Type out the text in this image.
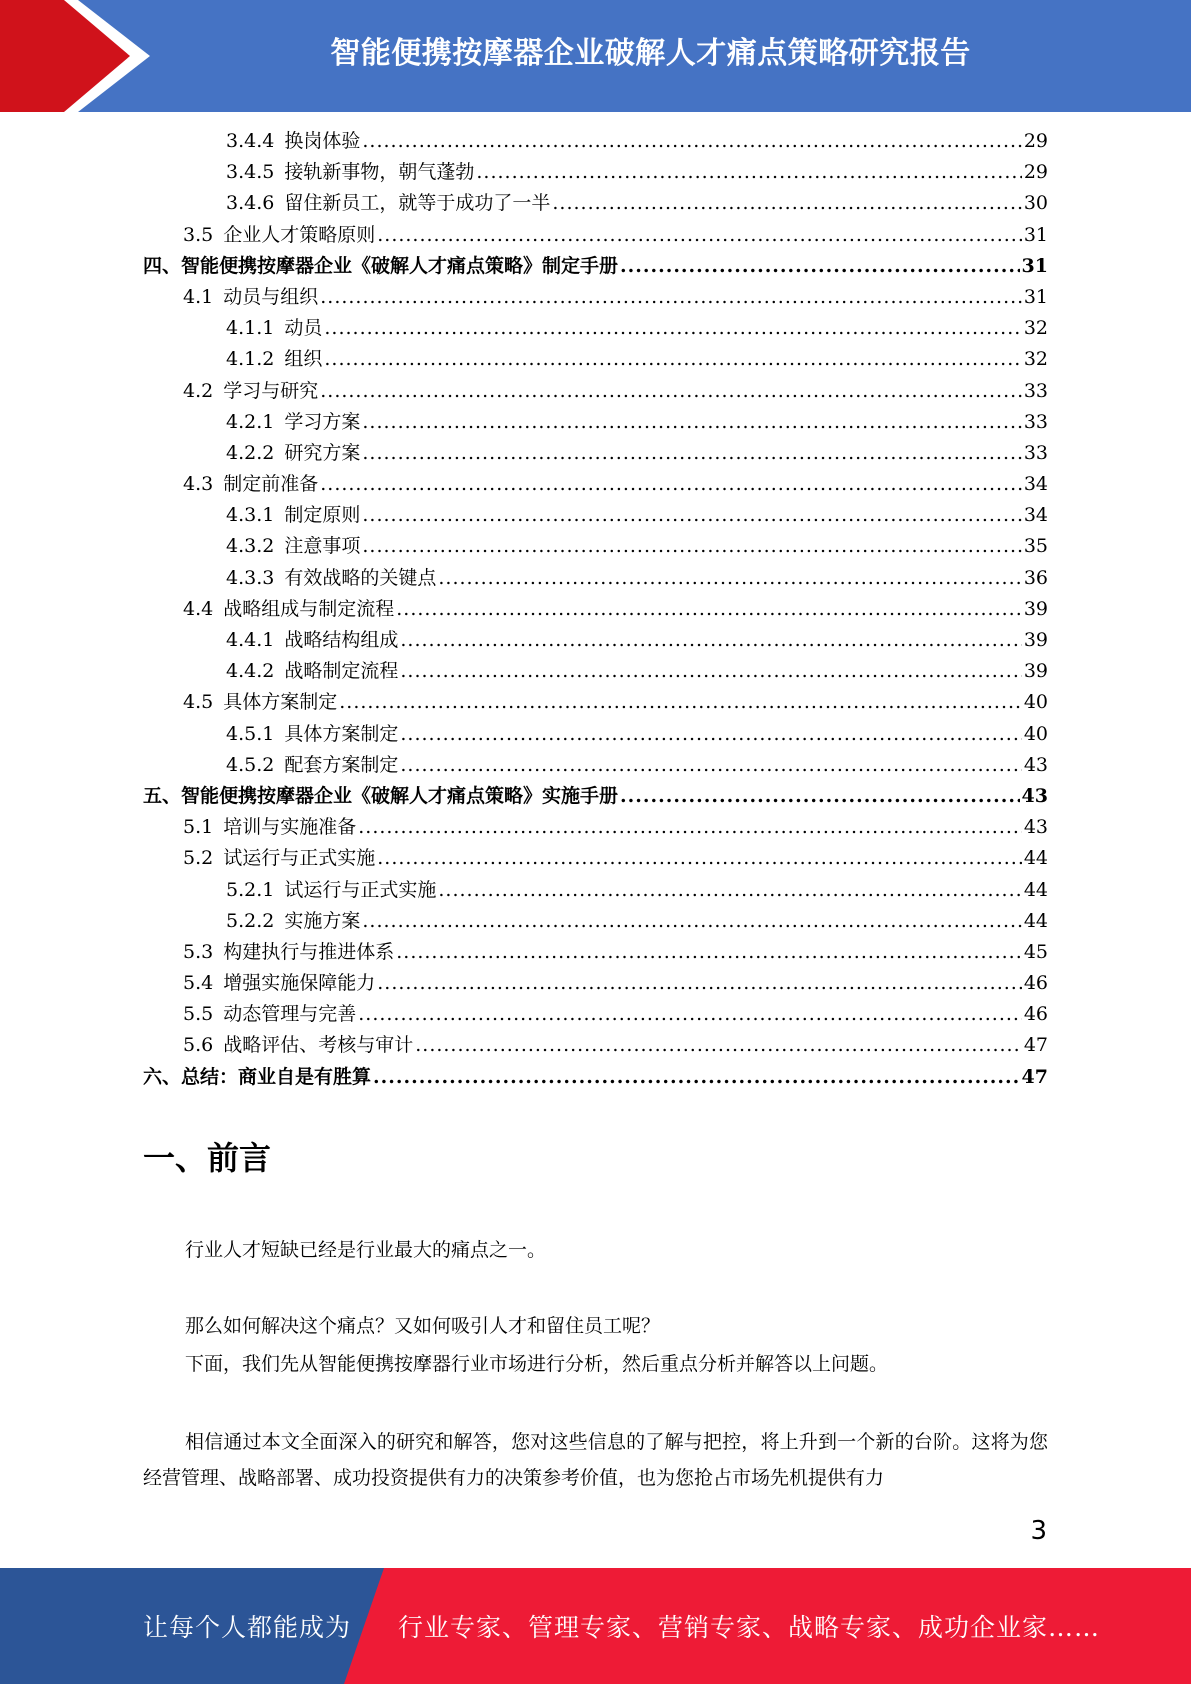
智能便携按摩器企业破解人才痛点策略研究报告
3.4.4 换岗体验 .....	29
3.4.5 接轨新事物，朝气蓬勃 .....	29
3.4.6 留住新员工，就等于成功了一半 .....	30
3.5 企业人才策略原则 .....	31
四、智能便携按摩器企业《破解人才痛点策略》制定手册 .....	31
4.1 动员与组织 .....	31
4.1.1 动员 .....	32
4.1.2 组织 .....	32
4.2 学习与研究 .....	33
4.2.1 学习方案 .....	33
4.2.2 研究方案 .....	33
4.3 制定前准备 .....	34
4.3.1 制定原则 .....	34
4.3.2 注意事项 .....	35
4.3.3 有效战略的关键点 .....	36
4.4 战略组成与制定流程 .....	39
4.4.1 战略结构组成 .....	39
4.4.2 战略制定流程 .....	39
4.5 具体方案制定 .....	40
4.5.1 具体方案制定 .....	40
4.5.2 配套方案制定 .....	43
五、智能便携按摩器企业《破解人才痛点策略》实施手册 .....	43
5.1 培训与实施准备 .....	43
5.2 试运行与正式实施 .....	44
5.2.1 试运行与正式实施 .....	44
5.2.2 实施方案 .....	44
5.3 构建执行与推进体系 .....	45
5.4 增强实施保障能力 .....	46
5.5 动态管理与完善 .....	46
5.6 战略评估、考核与审计 .....	47
六、总结：商业自是有胜算 .....	47
一、前言
行业人才短缺已经是行业最大的痛点之一。
那么如何解决这个痛点？又如何吸引人才和留住员工呢？
下面，我们先从智能便携按摩器行业市场进行分析，然后重点分析并解答以上问题。
相信通过本文全面深入的研究和解答，您对这些信息的了解与把控，将上升到一个新的台阶。这将为您经营管理、战略部署、成功投资提供有力的决策参考价值，也为您抢占市场先机提供有力
3
让每个人都能成为 行业专家、管理专家、营销专家、战略专家、成功企业家……
